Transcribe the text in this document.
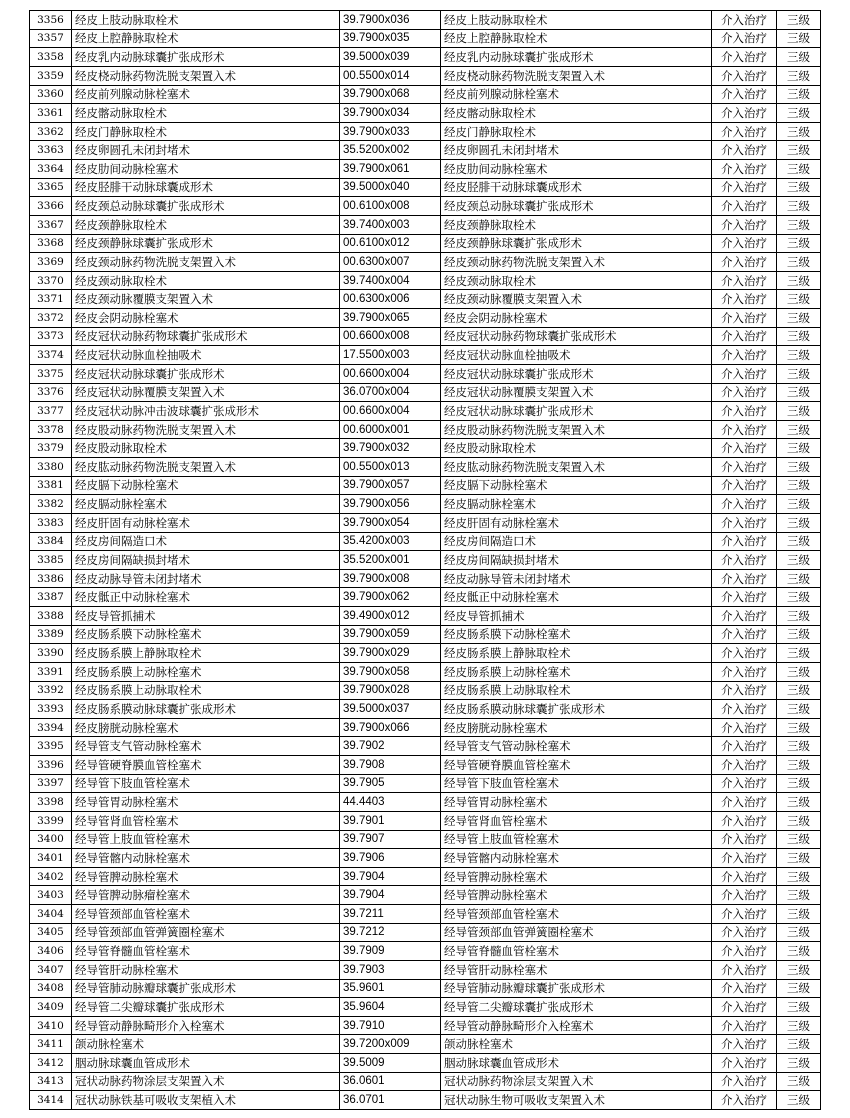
3356	经皮上肢动脉取栓术	39.7900x036	经皮上肢动脉取栓术	介入治疗	三级
3357	经皮上腔静脉取栓术	39.7900x035	经皮上腔静脉取栓术	介入治疗	三级
3358	经皮乳内动脉球囊扩张成形术	39.5000x039	经皮乳内动脉球囊扩张成形术	介入治疗	三级
3359	经皮桡动脉药物洗脱支架置入术	00.5500x014	经皮桡动脉药物洗脱支架置入术	介入治疗	三级
3360	经皮前列腺动脉栓塞术	39.7900x068	经皮前列腺动脉栓塞术	介入治疗	三级
3361	经皮髂动脉取栓术	39.7900x034	经皮髂动脉取栓术	介入治疗	三级
3362	经皮门静脉取栓术	39.7900x033	经皮门静脉取栓术	介入治疗	三级
3363	经皮卵圆孔未闭封堵术	35.5200x002	经皮卵圆孔未闭封堵术	介入治疗	三级
3364	经皮肋间动脉栓塞术	39.7900x061	经皮肋间动脉栓塞术	介入治疗	三级
3365	经皮胫腓干动脉球囊成形术	39.5000x040	经皮胫腓干动脉球囊成形术	介入治疗	三级
3366	经皮颈总动脉球囊扩张成形术	00.6100x008	经皮颈总动脉球囊扩张成形术	介入治疗	三级
3367	经皮颈静脉取栓术	39.7400x003	经皮颈静脉取栓术	介入治疗	三级
3368	经皮颈静脉球囊扩张成形术	00.6100x012	经皮颈静脉球囊扩张成形术	介入治疗	三级
3369	经皮颈动脉药物洗脱支架置入术	00.6300x007	经皮颈动脉药物洗脱支架置入术	介入治疗	三级
3370	经皮颈动脉取栓术	39.7400x004	经皮颈动脉取栓术	介入治疗	三级
3371	经皮颈动脉覆膜支架置入术	00.6300x006	经皮颈动脉覆膜支架置入术	介入治疗	三级
3372	经皮会阴动脉栓塞术	39.7900x065	经皮会阴动脉栓塞术	介入治疗	三级
3373	经皮冠状动脉药物球囊扩张成形术	00.6600x008	经皮冠状动脉药物球囊扩张成形术	介入治疗	三级
3374	经皮冠状动脉血栓抽吸术	17.5500x003	经皮冠状动脉血栓抽吸术	介入治疗	三级
3375	经皮冠状动脉球囊扩张成形术	00.6600x004	经皮冠状动脉球囊扩张成形术	介入治疗	三级
3376	经皮冠状动脉覆膜支架置入术	36.0700x004	经皮冠状动脉覆膜支架置入术	介入治疗	三级
3377	经皮冠状动脉冲击波球囊扩张成形术	00.6600x004	经皮冠状动脉球囊扩张成形术	介入治疗	三级
3378	经皮股动脉药物洗脱支架置入术	00.6000x001	经皮股动脉药物洗脱支架置入术	介入治疗	三级
3379	经皮股动脉取栓术	39.7900x032	经皮股动脉取栓术	介入治疗	三级
3380	经皮肱动脉药物洗脱支架置入术	00.5500x013	经皮肱动脉药物洗脱支架置入术	介入治疗	三级
3381	经皮膈下动脉栓塞术	39.7900x057	经皮膈下动脉栓塞术	介入治疗	三级
3382	经皮膈动脉栓塞术	39.7900x056	经皮膈动脉栓塞术	介入治疗	三级
3383	经皮肝固有动脉栓塞术	39.7900x054	经皮肝固有动脉栓塞术	介入治疗	三级
3384	经皮房间隔造口术	35.4200x003	经皮房间隔造口术	介入治疗	三级
3385	经皮房间隔缺损封堵术	35.5200x001	经皮房间隔缺损封堵术	介入治疗	三级
3386	经皮动脉导管未闭封堵术	39.7900x008	经皮动脉导管未闭封堵术	介入治疗	三级
3387	经皮骶正中动脉栓塞术	39.7900x062	经皮骶正中动脉栓塞术	介入治疗	三级
3388	经皮导管抓捕术	39.4900x012	经皮导管抓捕术	介入治疗	三级
3389	经皮肠系膜下动脉栓塞术	39.7900x059	经皮肠系膜下动脉栓塞术	介入治疗	三级
3390	经皮肠系膜上静脉取栓术	39.7900x029	经皮肠系膜上静脉取栓术	介入治疗	三级
3391	经皮肠系膜上动脉栓塞术	39.7900x058	经皮肠系膜上动脉栓塞术	介入治疗	三级
3392	经皮肠系膜上动脉取栓术	39.7900x028	经皮肠系膜上动脉取栓术	介入治疗	三级
3393	经皮肠系膜动脉球囊扩张成形术	39.5000x037	经皮肠系膜动脉球囊扩张成形术	介入治疗	三级
3394	经皮膀胱动脉栓塞术	39.7900x066	经皮膀胱动脉栓塞术	介入治疗	三级
3395	经导管支气管动脉栓塞术	39.7902	经导管支气管动脉栓塞术	介入治疗	三级
3396	经导管硬脊膜血管栓塞术	39.7908	经导管硬脊膜血管栓塞术	介入治疗	三级
3397	经导管下肢血管栓塞术	39.7905	经导管下肢血管栓塞术	介入治疗	三级
3398	经导管胃动脉栓塞术	44.4403	经导管胃动脉栓塞术	介入治疗	三级
3399	经导管肾血管栓塞术	39.7901	经导管肾血管栓塞术	介入治疗	三级
3400	经导管上肢血管栓塞术	39.7907	经导管上肢血管栓塞术	介入治疗	三级
3401	经导管髂内动脉栓塞术	39.7906	经导管髂内动脉栓塞术	介入治疗	三级
3402	经导管脾动脉栓塞术	39.7904	经导管脾动脉栓塞术	介入治疗	三级
3403	经导管脾动脉瘤栓塞术	39.7904	经导管脾动脉栓塞术	介入治疗	三级
3404	经导管颈部血管栓塞术	39.7211	经导管颈部血管栓塞术	介入治疗	三级
3405	经导管颈部血管弹簧圈栓塞术	39.7212	经导管颈部血管弹簧圈栓塞术	介入治疗	三级
3406	经导管脊髓血管栓塞术	39.7909	经导管脊髓血管栓塞术	介入治疗	三级
3407	经导管肝动脉栓塞术	39.7903	经导管肝动脉栓塞术	介入治疗	三级
3408	经导管肺动脉瓣球囊扩张成形术	35.9601	经导管肺动脉瓣球囊扩张成形术	介入治疗	三级
3409	经导管二尖瓣球囊扩张成形术	35.9604	经导管二尖瓣球囊扩张成形术	介入治疗	三级
3410	经导管动静脉畸形介入栓塞术	39.7910	经导管动静脉畸形介入栓塞术	介入治疗	三级
3411	颌动脉栓塞术	39.7200x009	颌动脉栓塞术	介入治疗	三级
3412	胭动脉球囊血管成形术	39.5009	胭动脉球囊血管成形术	介入治疗	三级
3413	冠状动脉药物涂层支架置入术	36.0601	冠状动脉药物涂层支架置入术	介入治疗	三级
3414	冠状动脉铁基可吸收支架植入术	36.0701	冠状动脉生物可吸收支架置入术	介入治疗	三级
